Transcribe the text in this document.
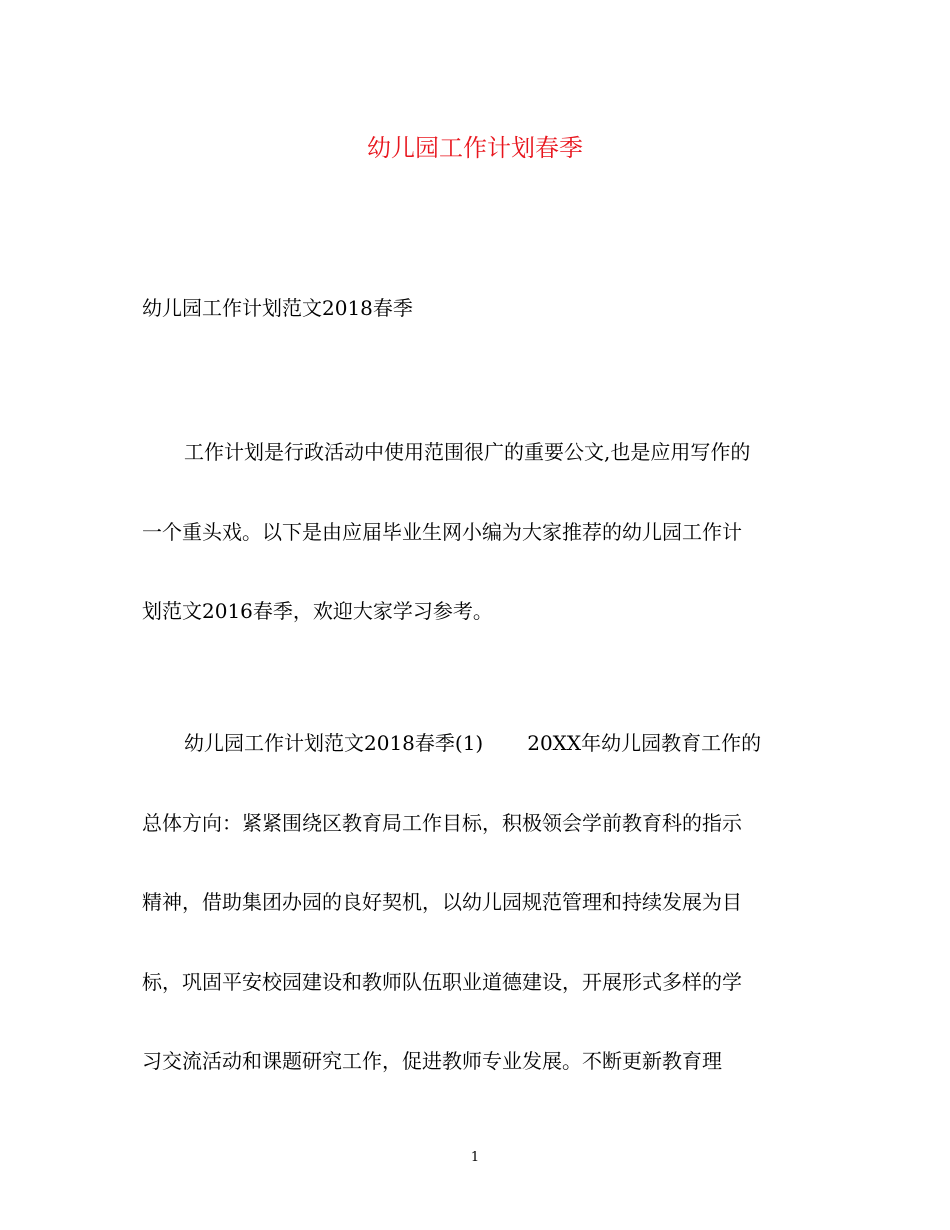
幼儿园工作计划春季

幼儿园工作计划范文2018春季

工作计划是行政活动中使用范围很广的重要公文,也是应用写作的
一个重头戏。以下是由应届毕业生网小编为大家推荐的幼儿园工作计
划范文2016春季，欢迎大家学习参考。
幼儿园工作计划范文2018春季(1) 20XX年幼儿园教育工作的
总体方向：紧紧围绕区教育局工作目标，积极领会学前教育科的指示
精神，借助集团办园的良好契机，以幼儿园规范管理和持续发展为目
标，巩固平安校园建设和教师队伍职业道德建设，开展形式多样的学
习交流活动和课题研究工作，促进教师专业发展。不断更新教育理
1
